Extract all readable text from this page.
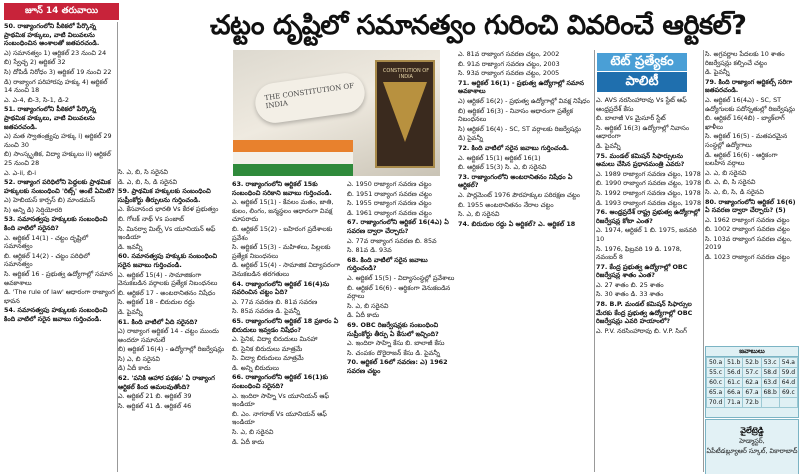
జూన్ 14 తరువాయి	చట్టం దృష్టిలో సమానత్వం గురించి వివరించే ఆర్టికల్?
THE CONSTITUTION OF INDIA
CONSTITUTION OF INDIA
టెట్ ప్రత్యేకం
పాలిటీ

50. రాజ్యాంగంలోని పీఠికలో పేర్కొన్న ప్రాథమిక హక్కులు, వాటి విలువలను సంబంధించిన అంశాల‌తో జతపరచండి.

ఎ) సమానత్వం 1) ఆర్టికల్ 23 నుంచి 24

బి) స్వేచ్ఛ 2) ఆర్టికల్ 32

సి) దోపిడీ నిరోధం 3) ఆర్టికల్ 19 నుంచి 22

డి) రాజ్యాంగ పరిహారపు హక్కు 4) ఆర్టికల్ 14 నుంచి 18

ఎ. ఎ-4, బి-3, సి-1, డి-2

51. రాజ్యాంగంలోని పీఠికలో పేర్కొన్న ప్రాథమిక హక్కులు, వాటి విలువలను జతపరచండి.

ఎ) మత స్వాతంత్ర్యపు హక్కు i) ఆర్టికల్ 29 నుంచి 30

బి) సాంస్కృతిక, విద్యా హక్కులు ii) ఆర్టికల్ 25 నుంచి 28

ఎ. ఎ-ii, బి-i

52. రాజ్యాంగ పరిధిలోని పెద్దలకు ప్రాథమిక హక్కులకు సంబంధించి 'రిట్స్' అంటే ఏమిటి?

ఎ) హెబియస్ కార్పస్ బి) మాండమస్

సి) అన్ని డి) సెర్షియోరరి

53. సమానత్వపు హక్కులకు సంబంధించి కింది వాటిలో సరైనది?

ఎ. ఆర్టికల్ 14(1) - చట్టం దృష్టిలో సమానత్వం

బి. ఆర్టికల్ 14(2) - చట్టం పరిధిలో సమానత్వం

సి. ఆర్టికల్ 16 - ప్రభుత్వ ఉద్యోగాల్లో సమాన అవకాశాలు

డి. 'The rule of law' ఆధారంగా రాజ్యాంగ భావన

54. సమానత్వపు హక్కులకు సంబంధించి కింది వాటిలో సరైన జవాబు గుర్తించండి.

సి. ఎ, బి, సి సరైనవి

డి. ఎ, బి, సి, డి సరైనవి

59. ప్రాథమిక హక్కులకు సంబంధించి సుప్రీంకోర్టు తీర్పులను గుర్తించండి.

ఎ. కేసవానంద భారతి Vs కేరళ ప్రభుత్వం

బి. గోలక్ నాథ్ Vs పంజాబ్

సి. మినర్వా మిల్స్ Vs యూనియన్ ఆఫ్ ఇండియా

డి. ఇవన్నీ

60. సమానత్వపు హక్కుకు సంబంధించి సరైన జవాబు గుర్తించండి.

ఎ. ఆర్టికల్ 15(4) - సామాజికంగా వెనుకబడిన వర్గాలకు ప్రత్యేక నిబంధనలు

బి. ఆర్టికల్ 17 - అంటరానితనం నిషేధం

సి. ఆర్టికల్ 18 - బిరుదుల రద్దు

డి. పైవన్నీ

61. కింది వాటిలో ఏది సరైనది?

ఎ) రాజ్యాంగ ఆర్టికల్ 14 - చట్టం ముందు అందరూ సమానులే

బి) ఆర్టికల్ 16(4) - ఉద్యోగాల్లో రిజర్వేషన్లు

సి) ఎ, బి సరైనవి

డి) ఏదీ కాదు

62. 'పనికి ఆహార పథకం' ఏ రాజ్యాంగ ఆర్టికల్ కింద అమలవుతోంది?

ఎ. ఆర్టికల్ 21 బి. ఆర్టికల్ 39

సి. ఆర్టికల్ 41 డి. ఆర్టికల్ 46

63. రాజ్యాంగంలోని ఆర్టికల్ 15కు సంబంధించి సరికాని జవాబు గుర్తించండి.

ఎ. ఆర్టికల్ 15(1) - కేవలం మతం, జాతి, కులం, లింగం, జన్మస్థలం ఆధారంగా వివక్ష చూపరాదు

బి. ఆర్టికల్ 15(2) - బహిరంగ ప్రదేశాలకు ప్రవేశం

సి. ఆర్టికల్ 15(3) - మహిళలు, పిల్లలకు ప్రత్యేక నిబంధనలు

డి. ఆర్టికల్ 15(4) - సామాజిక విద్యాపరంగా వెనుకబడిన తరగతులు

64. రాజ్యాంగంలోని ఆర్టికల్ 16(4)ను సవరించిన చట్టం ఏది?

ఎ. 77వ సవరణ బి. 81వ సవరణ

సి. 85వ సవరణ డి. పైవన్నీ

65. రాజ్యాంగంలోని ఆర్టికల్ 18 ప్రకారం ఏ బిరుదులు ఇవ్వడం నిషేధం?

ఎ. సైనిక, విద్యా బిరుదులు మినహా

బి. సైనిక బిరుదులు మాత్రమే

సి. విద్యా బిరుదులు మాత్రమే

డి. అన్ని బిరుదులు

66. రాజ్యాంగంలోని ఆర్టికల్ 16(1)కు సంబంధించి సరైనది?

ఎ. ఇందిరా సాహ్ని Vs యూనియన్ ఆఫ్ ఇండియా

బి. ఎం. నాగరాజ్ Vs యూనియన్ ఆఫ్ ఇండియా

సి. ఎ, బి సరైనవి

డి. ఏదీ కాదు

ఎ. 1950 రాజ్యాంగ సవరణ చట్టం

బి. 1951 రాజ్యాంగ సవరణ చట్టం

సి. 1955 రాజ్యాంగ సవరణ చట్టం

డి. 1961 రాజ్యాంగ సవరణ చట్టం

67. రాజ్యాంగంలోని ఆర్టికల్ 16(4ఎ) ఏ సవరణ ద్వారా చేర్చారు?

ఎ. 77వ రాజ్యాంగ సవరణ బి. 85వ

సి. 81వ డి. 93వ

68. కింది వాటిలో సరైన జవాబు గుర్తించండి?

ఎ. ఆర్టికల్ 15(5) - విద్యాసంస్థల్లో ప్రవేశాలు

బి. ఆర్టికల్ 16(6) - ఆర్థికంగా వెనుకబడిన వర్గాలు

సి. ఎ, బి సరైనవి

డి. ఏదీ కాదు

69. OBC రిజర్వేషన్లకు సంబంధించి సుప్రీంకోర్టు తీర్పు ఏ కేసులో ఇచ్చింది?

ఎ. ఇందిరా సాహ్ని కేసు బి. బాలాజీ కేసు

సి. చంపకం దొరైరాజన్ కేసు డి. పైవన్నీ

70. ఆర్టికల్ 16లో సవరణ: ఎ) 1962 సవరణ చట్టం

ఎ. 81వ రాజ్యాంగ సవరణ చట్టం, 2002

బి. 91వ రాజ్యాంగ సవరణ చట్టం, 2003

సి. 93వ రాజ్యాంగ సవరణ చట్టం, 2005

71. ఆర్టికల్ 16(1) - ప్రభుత్వ ఉద్యోగాల్లో సమాన అవకాశాలు

ఎ) ఆర్టికల్ 16(2) - ప్రభుత్వ ఉద్యోగాల్లో వివక్ష నిషేధం

బి) ఆర్టికల్ 16(3) - నివాసం ఆధారంగా ప్రత్యేక నిబంధనలు

సి) ఆర్టికల్ 16(4) - SC, ST వర్గాలకు రిజర్వేషన్లు

డి) పైవన్నీ

72. కింది వాటిలో సరైన జవాబు గుర్తించండి.

ఎ. ఆర్టికల్ 15(1) ఆర్టికల్ 16(1)

బి. ఆర్టికల్ 15(3) సి. ఎ, బి సరైనవి

73. రాజ్యాంగంలోని అంటరానితనం నిషేధం ఏ ఆర్టికల్?

ఎ. పార్లమెంట్ 1976 పౌరహక్కుల పరిరక్షణ చట్టం

బి. 1955 అంటరానితనం నేరాల చట్టం

సి. ఎ, బి సరైనవి

74. బిరుదుల రద్దు ఏ ఆర్టికల్? ఎ. ఆర్టికల్ 18

ఎ. AVS నరసింహారావు Vs స్టేట్ ఆఫ్ ఆంధ్రప్రదేశ్ కేసు

బి. బాలాజీ Vs మైసూర్ స్టేట్

సి. ఆర్టికల్ 16(3) ఉద్యోగాల్లో నివాసం ఆధారంగా

డి. పైవన్నీ

75. మండల్ కమిషన్ సిఫార్సులను అమలు చేసిన ప్రధానమంత్రి ఎవరు?

ఎ. 1989 రాజ్యాంగ సవరణ చట్టం, 1978

బి. 1990 రాజ్యాంగ సవరణ చట్టం, 1978

సి. 1992 రాజ్యాంగ సవరణ చట్టం, 1978

డి. 1993 రాజ్యాంగ సవరణ చట్టం, 1978

76. ఆంధ్రప్రదేశ్ రాష్ట్ర ప్రభుత్వ ఉద్యోగాల్లో రిజర్వేషన్ల కోటా ఎంత?

ఎ. 1974, ఆర్టికల్ 1 బి. 1975, జనవరి 10

సి. 1976, ఫిబ్రవరి 19 డి. 1978, నవంబర్ 8

77. కేంద్ర ప్రభుత్వ ఉద్యోగాల్లో OBC రిజర్వేషన్ల శాతం ఎంత?

ఎ. 27 శాతం బి. 25 శాతం

సి. 30 శాతం డి. 33 శాతం

78. B.P. మండల్ కమిషన్ సిఫార్సుల మేరకు కేంద్ర ప్రభుత్వ ఉద్యోగాల్లో OBC రిజర్వేషన్లు ఎవరి హయాంలో?

ఎ. P.V. నరసింహారావు బి. V.P. సింగ్

సి. అగ్రవర్ణాల పేదలకు 10 శాతం రిజర్వేషన్లు కల్పించే చట్టం

డి. పైవన్నీ

79. కింది రాజ్యాంగ ఆర్టికల్స్ సరిగా జతపరచండి.

ఎ. ఆర్టికల్ 16(4ఎ) - SC, ST ఉద్యోగులకు పదోన్నతుల్లో రిజర్వేషన్లు

బి. ఆర్టికల్ 16(4బి) - బ్యాక్‌లాగ్ ఖాళీలు

సి. ఆర్టికల్ 16(5) - మతపరమైన సంస్థల్లో ఉద్యోగాలు

డి. ఆర్టికల్ 16(6) - ఆర్థికంగా బలహీన వర్గాలు

ఎ. ఎ, బి సరైనవి

బి. ఎ, బి, సి సరైనవి

సి. ఎ, బి, సి, డి సరైనవి

80. రాజ్యాంగంలోని ఆర్టికల్ 16(6) ఏ సవరణ ద్వారా చేర్చారు? (5)

ఎ. 1962 రాజ్యాంగ సవరణ చట్టం

బి. 1002 రాజ్యాంగ సవరణ చట్టం

సి. 103వ రాజ్యాంగ సవరణ చట్టం, 2019

డి. 1023 రాజ్యాంగ సవరణ చట్టం

జవాబులు
50.a	51.b	52.b	53.c	54.a
55.c	56.d	57.c	58.d	59.d
60.c	61.c	62.a	63.d	64.d
65.a	66.a	67.a	68.b	69.c
70.d	71.a	72.b		
వైలేట్రెడ్డి
హెడ్మాస్టర్,
ఏపీటీడబ్ల్యూఆర్ స్కూల్, వికారాబాద్
